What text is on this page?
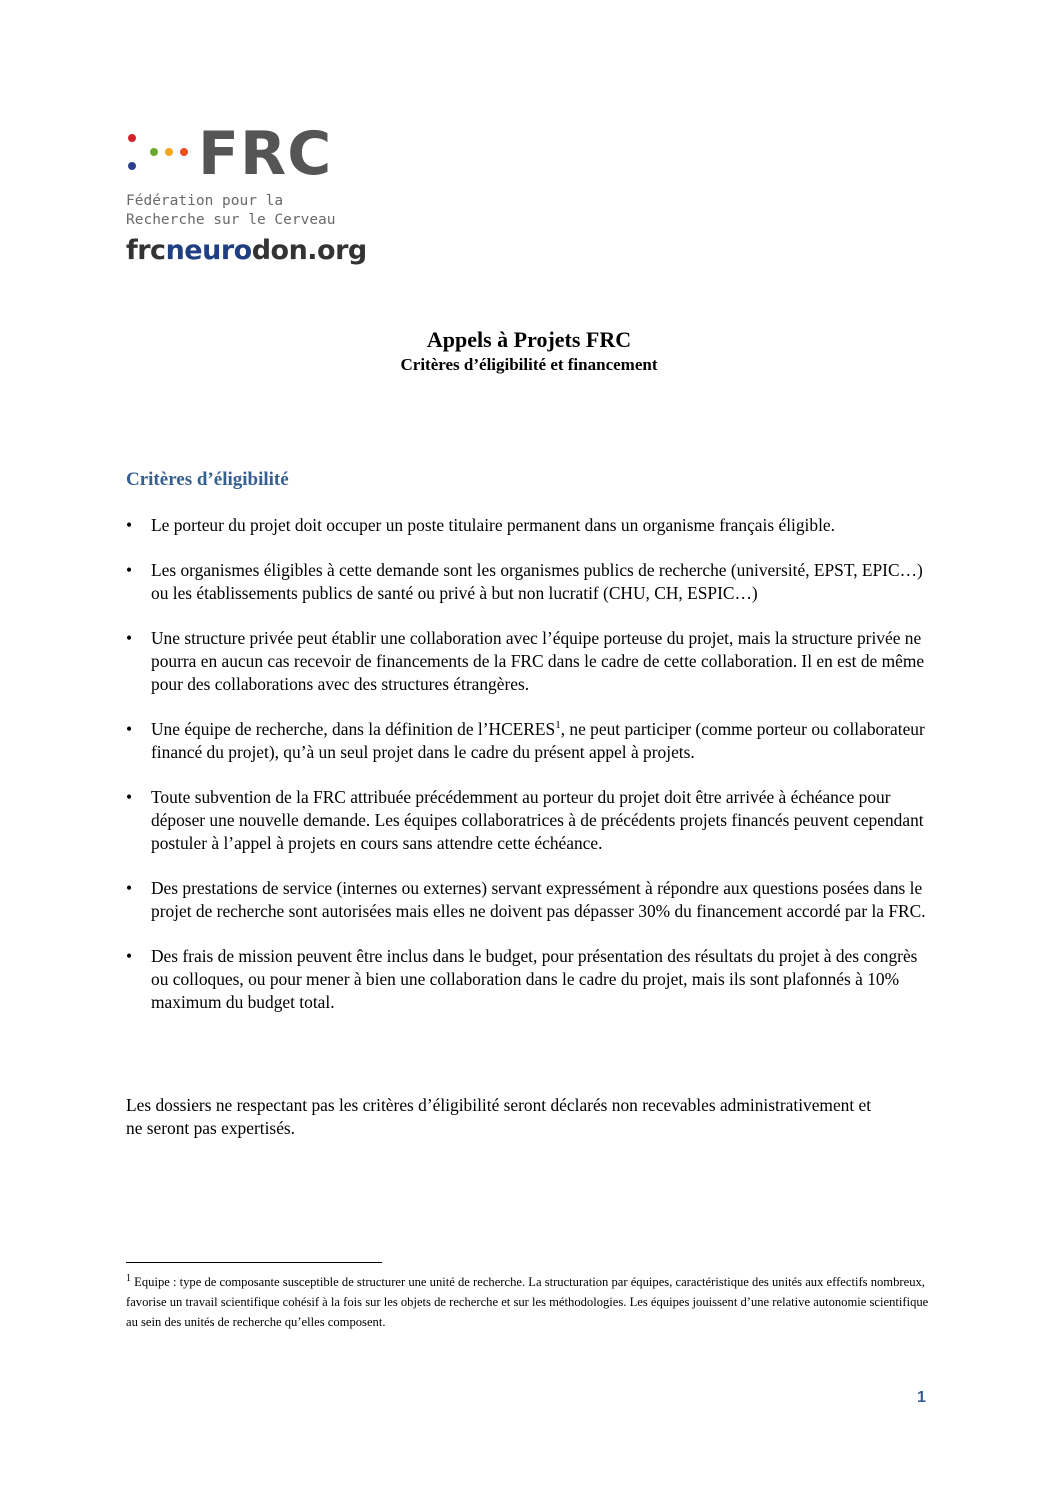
FRC
Fédération pour la
Recherche sur le Cerveau
frcneurodon.org
Appels à Projets FRC
Critères d’éligibilité et financement
Critères d’éligibilité
• Le porteur du projet doit occuper un poste titulaire permanent dans un organisme français éligible.
• Les organismes éligibles à cette demande sont les organismes publics de recherche (université, EPST, EPIC…) ou les établissements publics de santé ou privé à but non lucratif (CHU, CH, ESPIC…)
• Une structure privée peut établir une collaboration avec l’équipe porteuse du projet, mais la structure privée ne pourra en aucun cas recevoir de financements de la FRC dans le cadre de cette collaboration. Il en est de même pour des collaborations avec des structures étrangères.
• Une équipe de recherche, dans la définition de l’HCERES$^1$, ne peut participer (comme porteur ou collaborateur financé du projet), qu’à un seul projet dans le cadre du présent appel à projets.
• Toute subvention de la FRC attribuée précédemment au porteur du projet doit être arrivée à échéance pour déposer une nouvelle demande. Les équipes collaboratrices à de précédents projets financés peuvent cependant postuler à l’appel à projets en cours sans attendre cette échéance.
• Des prestations de service (internes ou externes) servant expressément à répondre aux questions posées dans le projet de recherche sont autorisées mais elles ne doivent pas dépasser 30% du financement accordé par la FRC.
• Des frais de mission peuvent être inclus dans le budget, pour présentation des résultats du projet à des congrès ou colloques, ou pour mener à bien une collaboration dans le cadre du projet, mais ils sont plafonnés à 10% maximum du budget total.
Les dossiers ne respectant pas les critères d’éligibilité seront déclarés non recevables administrativement et ne seront pas expertisés.
$^1$ Equipe : type de composante susceptible de structurer une unité de recherche. La structuration par équipes, caractéristique des unités aux effectifs nombreux, favorise un travail scientifique cohésif à la fois sur les objets de recherche et sur les méthodologies. Les équipes jouissent d’une relative autonomie scientifique au sein des unités de recherche qu’elles composent.
1
